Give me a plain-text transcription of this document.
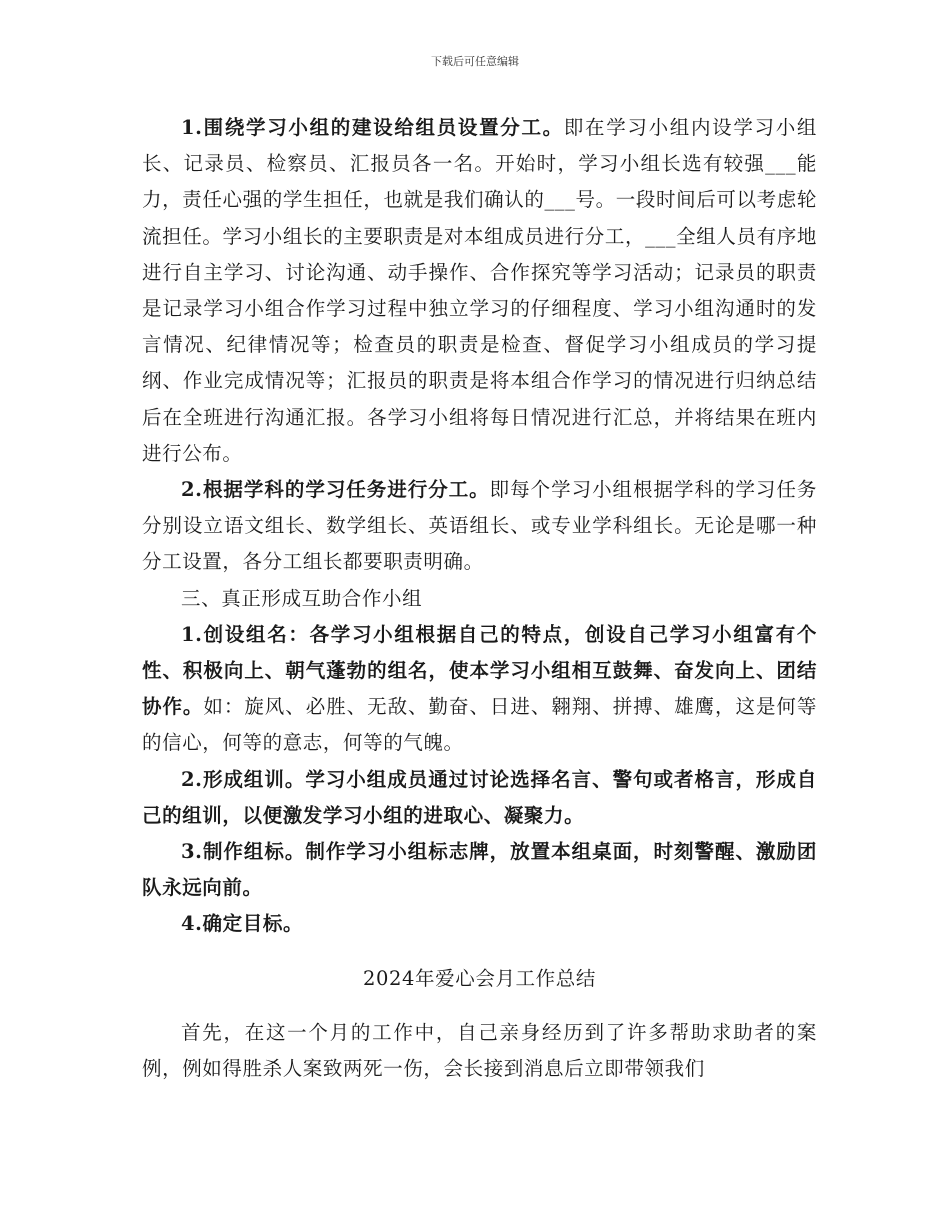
下载后可任意编辑

1.围绕学习小组的建设给组员设置分工。即在学习小组内设学习小组长、记录员、检察员、汇报员各一名。开始时，学习小组长选有较强___能力，责任心强的学生担任，也就是我们确认的___号。一段时间后可以考虑轮流担任。学习小组长的主要职责是对本组成员进行分工，___全组人员有序地进行自主学习、讨论沟通、动手操作、合作探究等学习活动；记录员的职责是记录学习小组合作学习过程中独立学习的仔细程度、学习小组沟通时的发言情况、纪律情况等；检查员的职责是检查、督促学习小组成员的学习提纲、作业完成情况等；汇报员的职责是将本组合作学习的情况进行归纳总结后在全班进行沟通汇报。各学习小组将每日情况进行汇总，并将结果在班内进行公布。

2.根据学科的学习任务进行分工。即每个学习小组根据学科的学习任务分别设立语文组长、数学组长、英语组长、或专业学科组长。无论是哪一种分工设置，各分工组长都要职责明确。

三、真正形成互助合作小组

1.创设组名：各学习小组根据自己的特点，创设自己学习小组富有个性、积极向上、朝气蓬勃的组名，使本学习小组相互鼓舞、奋发向上、团结协作。如：旋风、必胜、无敌、勤奋、日进、翱翔、拼搏、雄鹰，这是何等的信心，何等的意志，何等的气魄。

2.形成组训。学习小组成员通过讨论选择名言、警句或者格言，形成自己的组训，以便激发学习小组的进取心、凝聚力。

3.制作组标。制作学习小组标志牌，放置本组桌面，时刻警醒、激励团队永远向前。

4.确定目标。

2024年爱心会月工作总结

首先，在这一个月的工作中，自己亲身经历到了许多帮助求助者的案例，例如得胜杀人案致两死一伤，会长接到消息后立即带领我们
